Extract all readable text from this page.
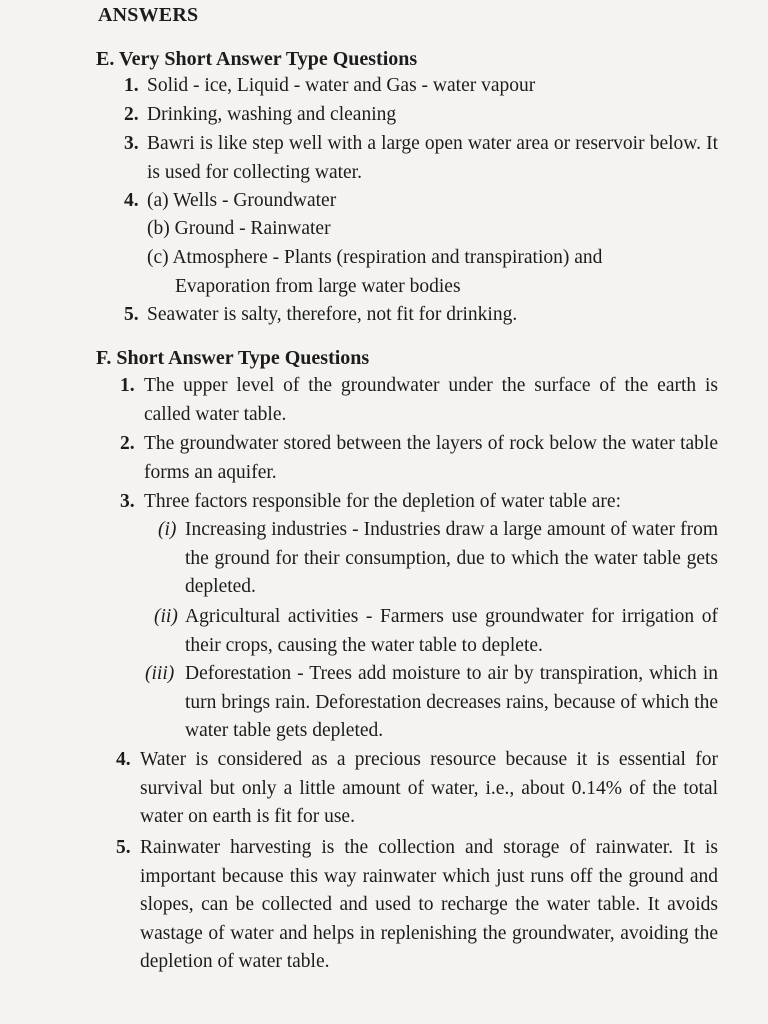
ANSWERS
E. Very Short Answer Type Questions
1. Solid - ice, Liquid - water and Gas - water vapour
2. Drinking, washing and cleaning
3. Bawri is like step well with a large open water area or reservoir below. It is used for collecting water.
4. (a) Wells - Groundwater
(b) Ground - Rainwater
(c) Atmosphere - Plants (respiration and transpiration) and Evaporation from large water bodies
5. Seawater is salty, therefore, not fit for drinking.
F. Short Answer Type Questions
1. The upper level of the groundwater under the surface of the earth is called water table.
2. The groundwater stored between the layers of rock below the water table forms an aquifer.
3. Three factors responsible for the depletion of water table are:
(i) Increasing industries - Industries draw a large amount of water from the ground for their consumption, due to which the water table gets depleted.
(ii) Agricultural activities - Farmers use groundwater for irrigation of their crops, causing the water table to deplete.
(iii) Deforestation - Trees add moisture to air by transpiration, which in turn brings rain. Deforestation decreases rains, because of which the water table gets depleted.
4. Water is considered as a precious resource because it is essential for survival but only a little amount of water, i.e., about 0.14% of the total water on earth is fit for use.
5. Rainwater harvesting is the collection and storage of rainwater. It is important because this way rainwater which just runs off the ground and slopes, can be collected and used to recharge the water table. It avoids wastage of water and helps in replenishing the groundwater, avoiding the depletion of water table.
